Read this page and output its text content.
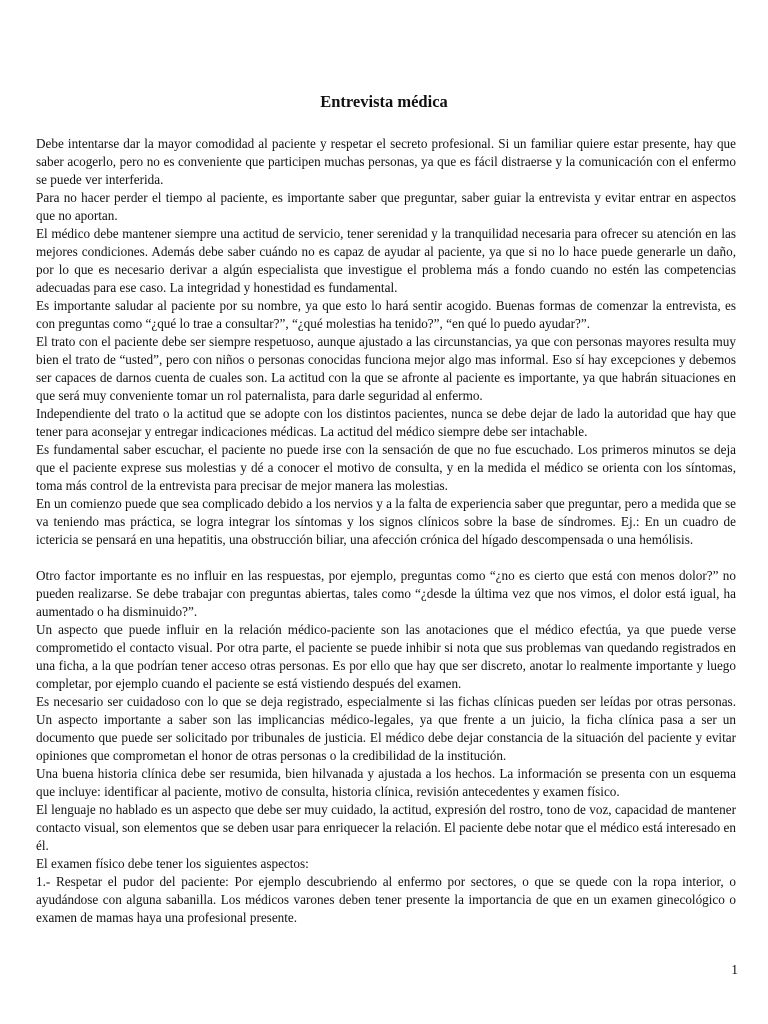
Entrevista médica

Debe intentarse dar la mayor comodidad al paciente y respetar el secreto profesional. Si un familiar quiere estar presente, hay que saber acogerlo, pero no es conveniente que participen muchas personas, ya que es fácil distraerse y la comunicación con el enfermo se puede ver interferida.

Para no hacer perder el tiempo al paciente, es importante saber que preguntar, saber guiar la entrevista y evitar entrar en aspectos que no aportan.

El médico debe mantener siempre una actitud de servicio, tener serenidad y la tranquilidad necesaria para ofrecer su atención en las mejores condiciones. Además debe saber cuándo no es capaz de ayudar al paciente, ya que si no lo hace puede generarle un daño, por lo que es necesario derivar a algún especialista que investigue el problema más a fondo cuando no estén las competencias adecuadas para ese caso. La integridad y honestidad es fundamental.

Es importante saludar al paciente por su nombre, ya que esto lo hará sentir acogido. Buenas formas de comenzar la entrevista, es con preguntas como “¿qué lo trae a consultar?”, “¿qué molestias ha tenido?”, “en qué lo puedo ayudar?”.

El trato con el paciente debe ser siempre respetuoso, aunque ajustado a las circunstancias, ya que con personas mayores resulta muy bien el trato de “usted”, pero con niños o personas conocidas funciona mejor algo mas informal. Eso sí hay excepciones y debemos ser capaces de darnos cuenta de cuales son. La actitud con la que se afronte al paciente es importante, ya que habrán situaciones en que será muy conveniente tomar un rol paternalista, para darle seguridad al enfermo.

Independiente del trato o la actitud que se adopte con los distintos pacientes, nunca se debe dejar de lado la autoridad que hay que tener para aconsejar y entregar indicaciones médicas. La actitud del médico siempre debe ser intachable.

Es fundamental saber escuchar, el paciente no puede irse con la sensación de que no fue escuchado. Los primeros minutos se deja que el paciente exprese sus molestias y dé a conocer el motivo de consulta, y en la medida el médico se orienta con los síntomas, toma más control de la entrevista para precisar de mejor manera las molestias.

En un comienzo puede que sea complicado debido a los nervios y a la falta de experiencia saber que preguntar, pero a medida que se va teniendo mas práctica, se logra integrar los síntomas y los signos clínicos sobre la base de síndromes. Ej.: En un cuadro de ictericia se pensará en una hepatitis, una obstrucción biliar, una afección crónica del hígado descompensada o una hemólisis.

Otro factor importante es no influir en las respuestas, por ejemplo, preguntas como “¿no es cierto que está con menos dolor?” no pueden realizarse. Se debe trabajar con preguntas abiertas, tales como “¿desde la última vez que nos vimos, el dolor está igual, ha aumentado o ha disminuido?”.

Un aspecto que puede influir en la relación médico-paciente son las anotaciones que el médico efectúa, ya que puede verse comprometido el contacto visual. Por otra parte, el paciente se puede inhibir si nota que sus problemas van quedando registrados en una ficha, a la que podrían tener acceso otras personas. Es por ello que hay que ser discreto, anotar lo realmente importante y luego completar, por ejemplo cuando el paciente se está vistiendo después del examen.

Es necesario ser cuidadoso con lo que se deja registrado, especialmente si las fichas clínicas pueden ser leídas por otras personas. Un aspecto importante a saber son las implicancias médico-legales, ya que frente a un juicio, la ficha clínica pasa a ser un documento que puede ser solicitado por tribunales de justicia. El médico debe dejar constancia de la situación del paciente y evitar opiniones que comprometan el honor de otras personas o la credibilidad de la institución.

Una buena historia clínica debe ser resumida, bien hilvanada y ajustada a los hechos. La información se presenta con un esquema que incluye: identificar al paciente, motivo de consulta, historia clínica, revisión antecedentes y examen físico.

El lenguaje no hablado es un aspecto que debe ser muy cuidado, la actitud, expresión del rostro, tono de voz, capacidad de mantener contacto visual, son elementos que se deben usar para enriquecer la relación. El paciente debe notar que el médico está interesado en él.

El examen físico debe tener los siguientes aspectos:

1.- Respetar el pudor del paciente: Por ejemplo descubriendo al enfermo por sectores, o que se quede con la ropa interior, o ayudándose con alguna sabanilla. Los médicos varones deben tener presente la importancia de que en un examen ginecológico o examen de mamas haya una profesional presente.

1
